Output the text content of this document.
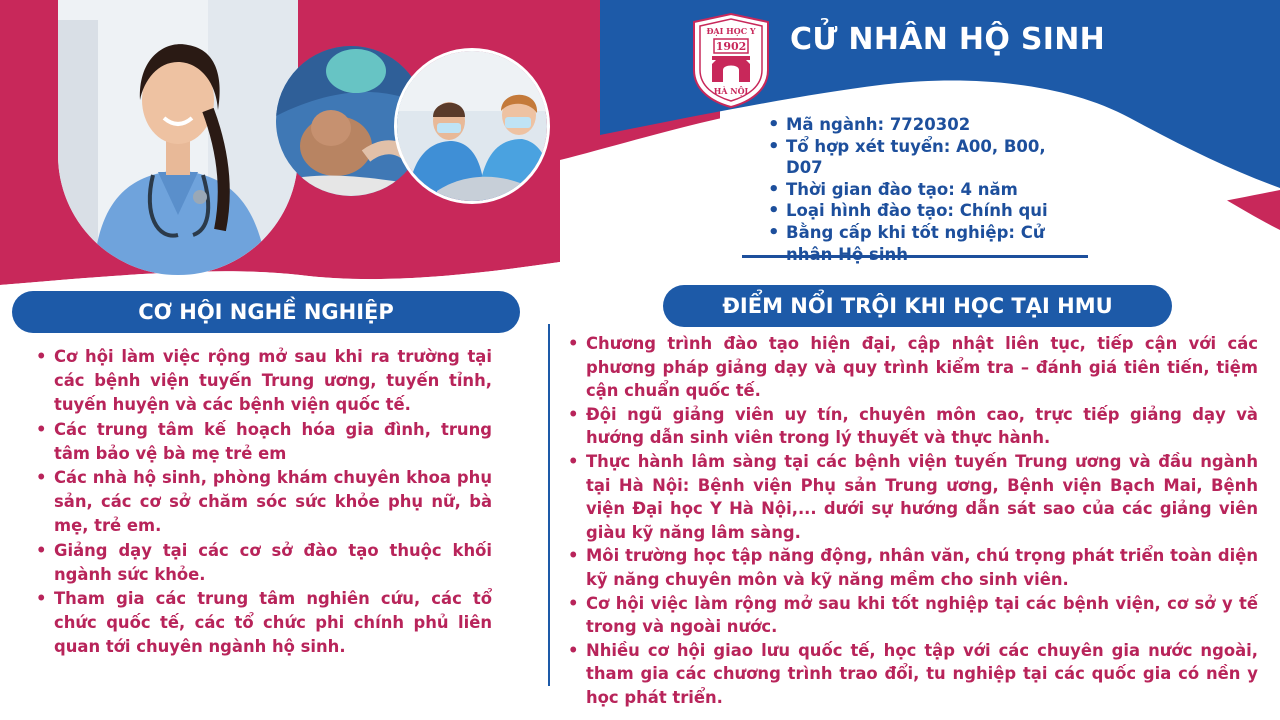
ĐẠI HỌC Y
1902
HÀ NỘI
CỬ NHÂN HỘ SINH
• Mã ngành: 7720302
• Tổ hợp xét tuyển: A00, B00, D07
• Thời gian đào tạo: 4 năm
• Loại hình đào tạo: Chính qui
• Bằng cấp khi tốt nghiệp: Cử
CƠ HỘI NGHỀ NGHIỆP	ĐIỂM NỔI TRỘI KHI HỌC TẠI HMU
• Cơ hội làm việc rộng mở sau khi ra trường tại các bệnh viện tuyến Trung ương, tuyến tỉnh, tuyến huyện và các bệnh viện quốc tế.
• Các trung tâm kế hoạch hóa gia đình, trung tâm bảo vệ bà mẹ trẻ em
• Các nhà hộ sinh, phòng khám chuyên khoa phụ sản, các cơ sở chăm sóc sức khỏe phụ nữ, bà mẹ, trẻ em.
• Giảng dạy tại các cơ sở đào tạo thuộc khối ngành sức khỏe.
• Tham gia các trung tâm nghiên cứu, các tổ chức quốc tế, các tổ chức phi chính phủ liên quan tới chuyên ngành hộ sinh.
• Chương trình đào tạo hiện đại, cập nhật liên tục, tiếp cận với các phương pháp giảng dạy và quy trình kiểm tra – đánh giá tiên tiến, tiệm cận chuẩn quốc tế.
• Đội ngũ giảng viên uy tín, chuyên môn cao, trực tiếp giảng dạy và hướng dẫn sinh viên trong lý thuyết và thực hành.
• Thực hành lâm sàng tại các bệnh viện tuyến Trung ương và đầu ngành tại Hà Nội: Bệnh viện Phụ sản Trung ương, Bệnh viện Bạch Mai, Bệnh viện Đại học Y Hà Nội,... dưới sự hướng dẫn sát sao của các giảng viên giàu kỹ năng lâm sàng.
• Môi trường học tập năng động, nhân văn, chú trọng phát triển toàn diện kỹ năng chuyên môn và kỹ năng mềm cho sinh viên.
• Cơ hội việc làm rộng mở sau khi tốt nghiệp tại các bệnh viện, cơ sở y tế trong và ngoài nước.
• Nhiều cơ hội giao lưu quốc tế, học tập với các chuyên gia nước ngoài, tham gia các chương trình trao đổi, tu nghiệp tại các quốc gia có nền y học phát triển.
